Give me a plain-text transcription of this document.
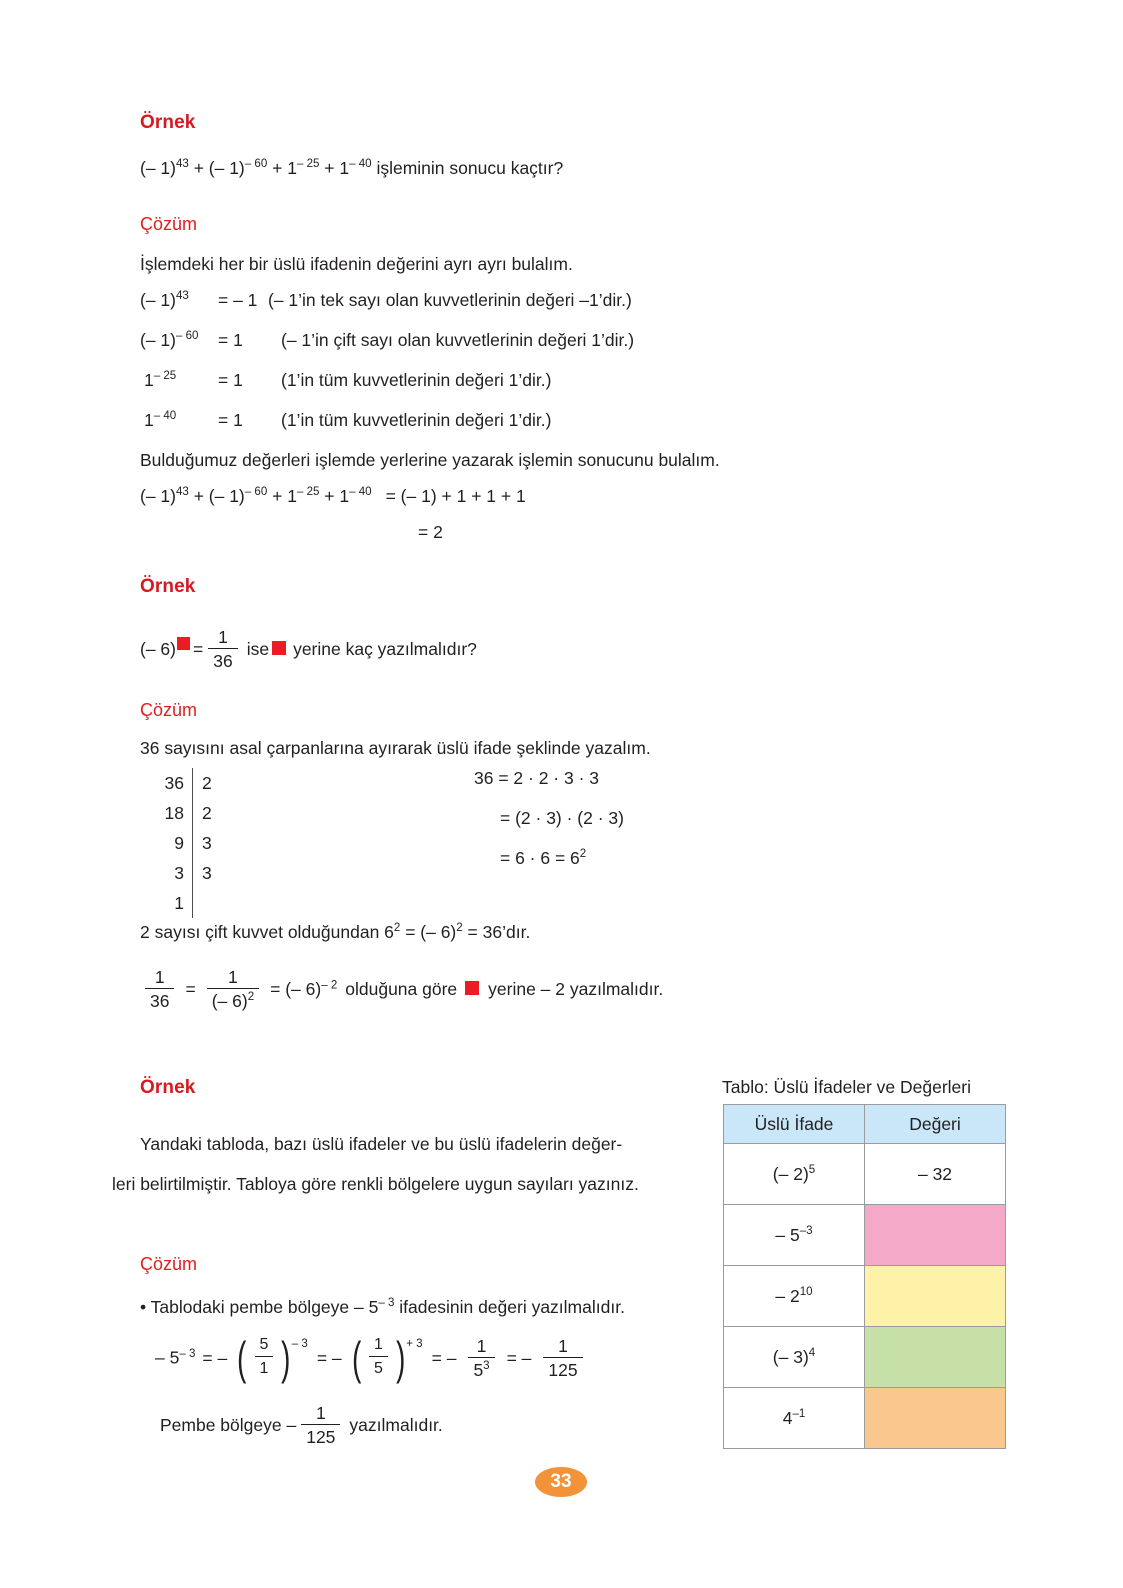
Örnek
(– 1)$^{43}$ + (– $1)^{- 60} + 1^{- 25} + 1^{- 40}$ işleminin sonucu kaçtır?
Çözüm
İşlemdeki her bir üslü ifadenin değerini ayrı ayrı bulalım.
(– 1)$^{43}$ = – 1 (– 1’in tek sayı olan kuvvetlerinin değeri –1’dir.)
(– 1)$^{- 60}$ = 1 (– 1’in çift sayı olan kuvvetlerinin değeri 1’dir.)
$1^{- 25} = 1$ (1’in tüm kuvvetlerinin değeri 1’dir.)
$1^{- 40} = 1$ (1’in tüm kuvvetlerinin değeri 1’dir.)
Bulduğumuz değerleri işlemde yerlerine yazarak işlemin sonucunu bulalım.
(– 1)$^{43}$ + (– $1)^{- 60} + 1^{- 25} + 1^{- 40}$ = (– 1) + 1 + 1 + 1
= 2
Örnek
(– $6) = \frac{1}{36}$ ise yerine kaç yazılmalıdır?
Çözüm
36 sayısını asal çarpanlarına ayırarak üslü ifade şeklinde yazalım.
36	2
18	2
9	3
3	3
1
36 = 2 · 2 · 3 · 3
= (2 · 3) · (2 · 3)
= $6 \cdot 6 = 6^2$
2 sayısı çift kuvvet olduğundan $6^2$ = (– 6)$^2$ = 36’dır.
$\frac{1}{36} = \frac{1}{(- 6)^2}$ = (– 6)$^{- 2}$ olduğuna göre yerine – 2 yazılmalıdır.
Örnek
Yandaki tabloda, bazı üslü ifadeler ve bu üslü ifadelerin değer-
leri belirtilmiştir. Tabloya göre renkli bölgelere uygun sayıları yazınız.
Çözüm
• Tablodaki pembe bölgeye – $5^{- 3}$ ifadesinin değeri yazılmalıdır.
– $5^{- 3}$ = – ( $\frac{5}{1}$ ) $^{- 3}$= – ( $\frac{1}{5}$ ) $^{+ 3}= - \frac{1}{5^3}$ = – $\frac{1}{125}$
Pembe bölgeye – $\frac{1}{125}$ yazılmalıdır.
Tablo: Üslü İfadeler ve Değerleri
Üslü İfade	Değeri
(– 2)$^5$	– 32
– $5^{-3}$	
– $2^{10}$	
(– 3)$^4$	
$4^{-1}$	
33
